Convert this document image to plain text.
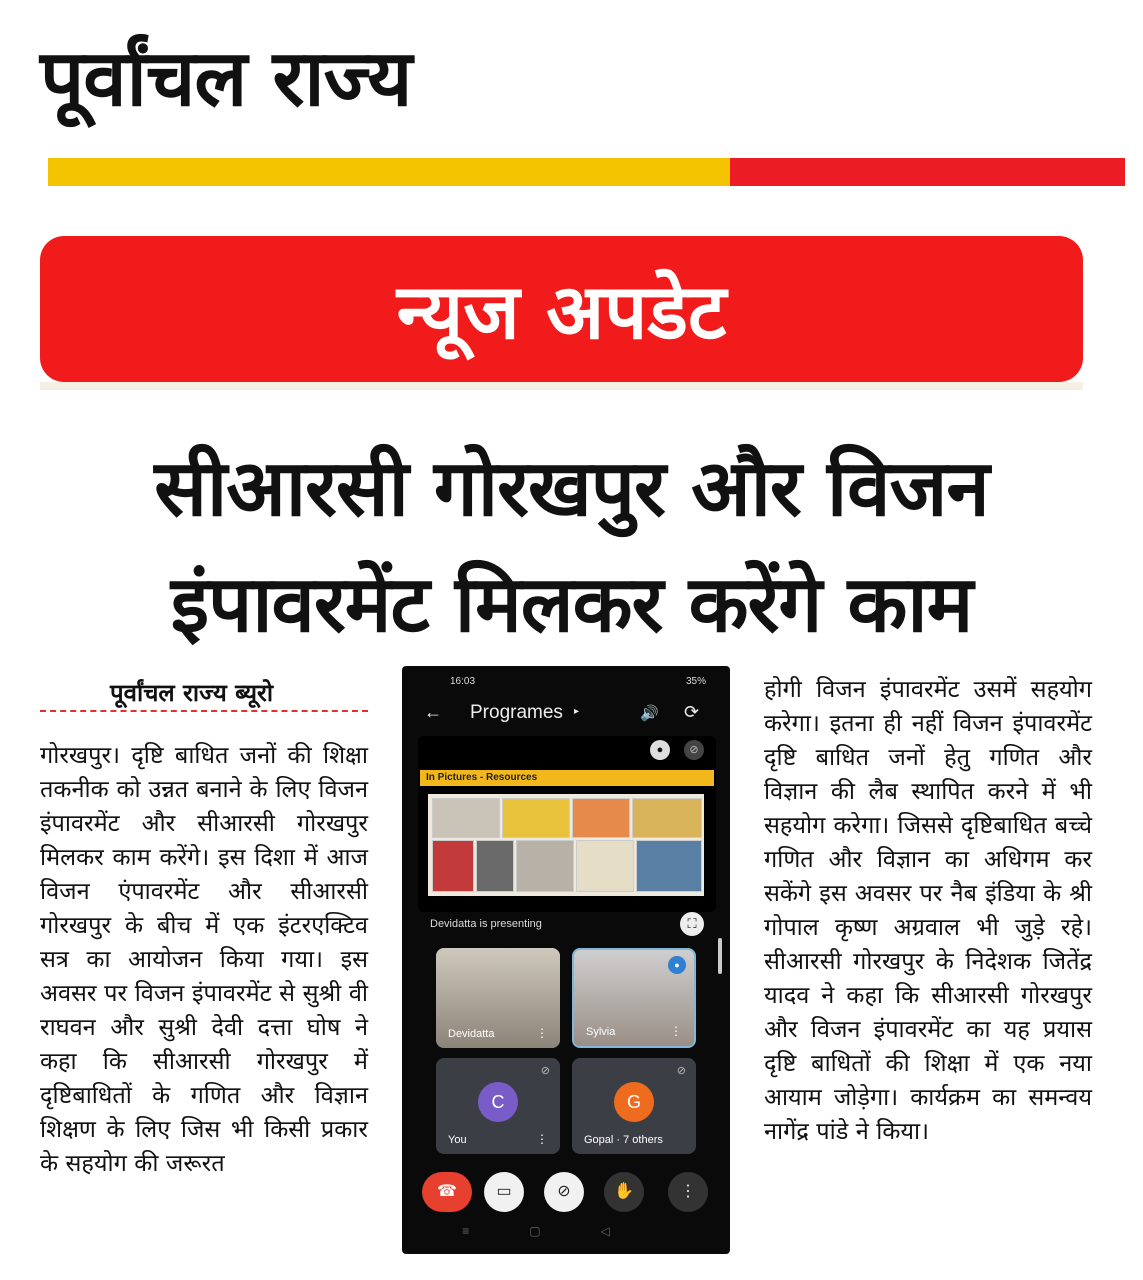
पूर्वांचल राज्य
न्यूज अपडेट
सीआरसी गोरखपुर और विजन
इंपावरमेंट मिलकर करेंगे काम
पूर्वांचल राज्य ब्यूरो

गोरखपुर। दृष्टि बाधित जनों की शिक्षा तकनीक को उन्नत बनाने के लिए विजन इंपावरमेंट और सीआरसी गोरखपुर मिलकर काम करेंगे। इस दिशा में आज विजन एंपावरमेंट और सीआरसी गोरखपुर के बीच में एक इंटरएक्टिव सत्र का आयोजन किया गया। इस अवसर पर विजन इंपावरमेंट से सुश्री वी राघवन और सुश्री देवी दत्ता घोष ने कहा कि सीआरसी गोरखपुर में दृष्टिबाधितों के गणित और विज्ञान शिक्षण के लिए जिस भी किसी प्रकार के सहयोग की जरूरत

होगी विजन इंपावरमेंट उसमें सहयोग करेगा। इतना ही नहीं विजन इंपावरमेंट दृष्टि बाधित जनों हेतु गणित और विज्ञान की लैब स्थापित करने में भी सहयोग करेगा। जिससे दृष्टिबाधित बच्चे गणित और विज्ञान का अधिगम कर सकेंगे इस अवसर पर नैब इंडिया के श्री गोपाल कृष्ण अग्रवाल भी जुड़े रहे। सीआरसी गोरखपुर के निदेशक जितेंद्र यादव ने कहा कि सीआरसी गोरखपुर और विजन इंपावरमेंट का यह प्रयास दृष्टि बाधितों की शिक्षा में एक नया आयाम जोड़ेगा। कार्यक्रम का समन्वय नागेंद्र पांडे ने किया।

16:03	35%
← Programes ▸	🔊 ⟳
●	⊘
In Pictures - Resources
Devidatta is presenting	⛶
Devidatta	⋮
●
Sylvia	⋮
C
⊘
You	⋮
G
⊘
Gopal · 7 others
☎	▭	⊘	✋	⋮
≡▢◁
